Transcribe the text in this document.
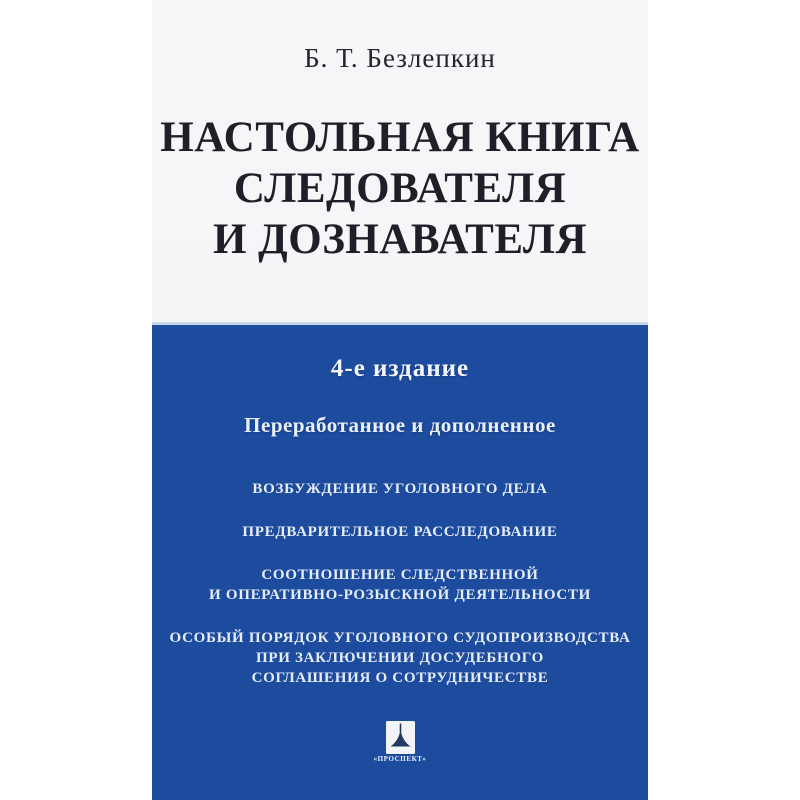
Б. Т. Безлепкин
НАСТОЛЬНАЯ КНИГА
СЛЕДОВАТЕЛЯ
И ДОЗНАВАТЕЛЯ
4-е издание
Переработанное и дополненное
ВОЗБУЖДЕНИЕ УГОЛОВНОГО ДЕЛА
ПРЕДВАРИТЕЛЬНОЕ РАССЛЕДОВАНИЕ
СООТНОШЕНИЕ СЛЕДСТВЕННОЙ
И ОПЕРАТИВНО-РОЗЫСКНОЙ ДЕЯТЕЛЬНОСТИ
ОСОБЫЙ ПОРЯДОК УГОЛОВНОГО СУДОПРОИЗВОДСТВА
ПРИ ЗАКЛЮЧЕНИИ ДОСУДЕБНОГО
СОГЛАШЕНИЯ О СОТРУДНИЧЕСТВЕ
«ПРОСПЕКТ»
